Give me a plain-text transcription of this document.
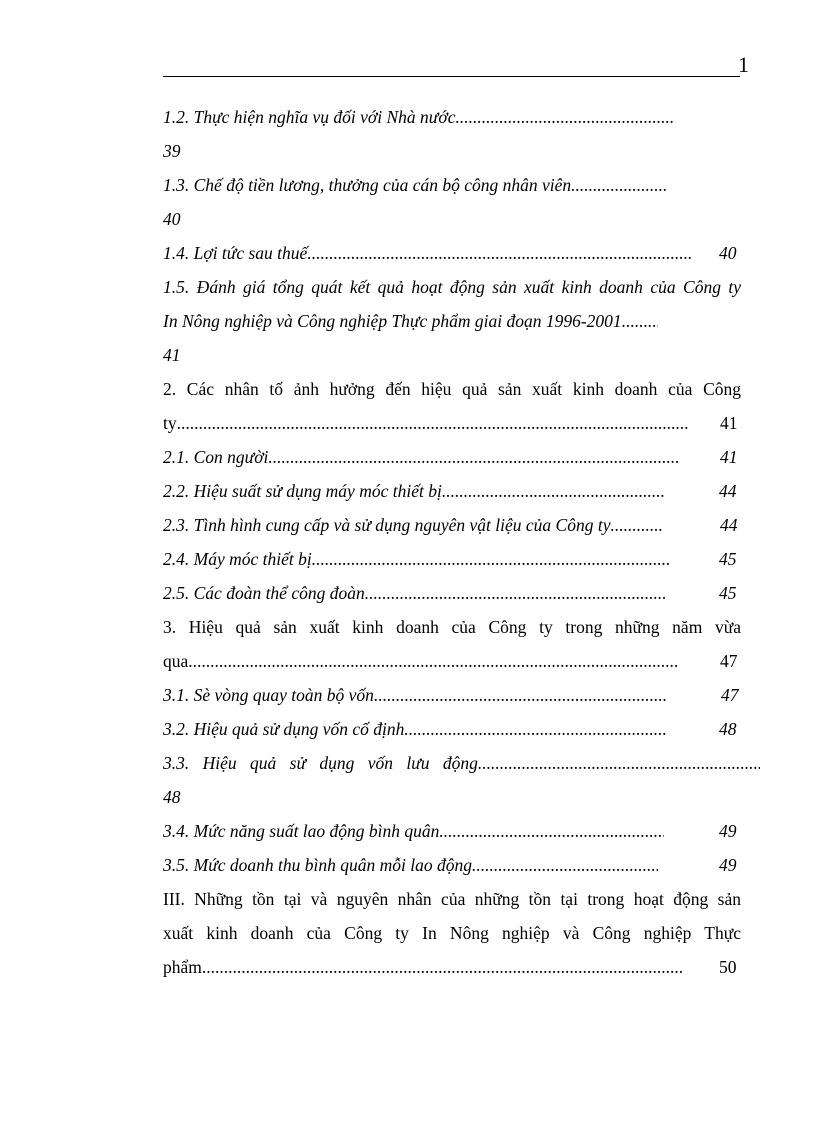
1
1.2. Thực hiện nghĩa vụ đối với Nhà nước.....
39
1.3. Chế độ tiền lương, thưởng của cán bộ công nhân viên.....
40
1.4. Lợi tức sau thuế .....	40
1.5. Đánh giá tổng quát kết quả hoạt động sản xuất kinh doanh của Công ty
In Nông nghiệp và Công nghiệp Thực phẩm giai đoạn 1996-2001.....
41
2. Các nhân tố ảnh hưởng đến hiệu quả sản xuất kinh doanh của Công
ty .....	41
2.1. Con người .....	41
2.2. Hiệu suất sử dụng máy móc thiết bị .....	44
2.3. Tình hình cung cấp và sử dụng nguyên vật liệu của Công ty .....	44
2.4. Máy móc thiết bị .....	45
2.5. Các đoàn thể công đoàn .....	45
3. Hiệu quả sản xuất kinh doanh của Công ty trong những năm vừa
qua .....	47
3.1. Sè vòng quay toàn bộ vốn .....	47
3.2. Hiệu quả sử dụng vốn cố định .....	48
3.3. Hiệu quả sử dụng vốn lưu động.....
48
3.4. Mức năng suất lao động bình quân .....	49
3.5. Mức doanh thu bình quân mỗi lao động .....	49
III. Những tồn tại và nguyên nhân của những tồn tại trong hoạt động sản
xuất kinh doanh của Công ty In Nông nghiệp và Công nghiệp Thực
phẩm .....	50
